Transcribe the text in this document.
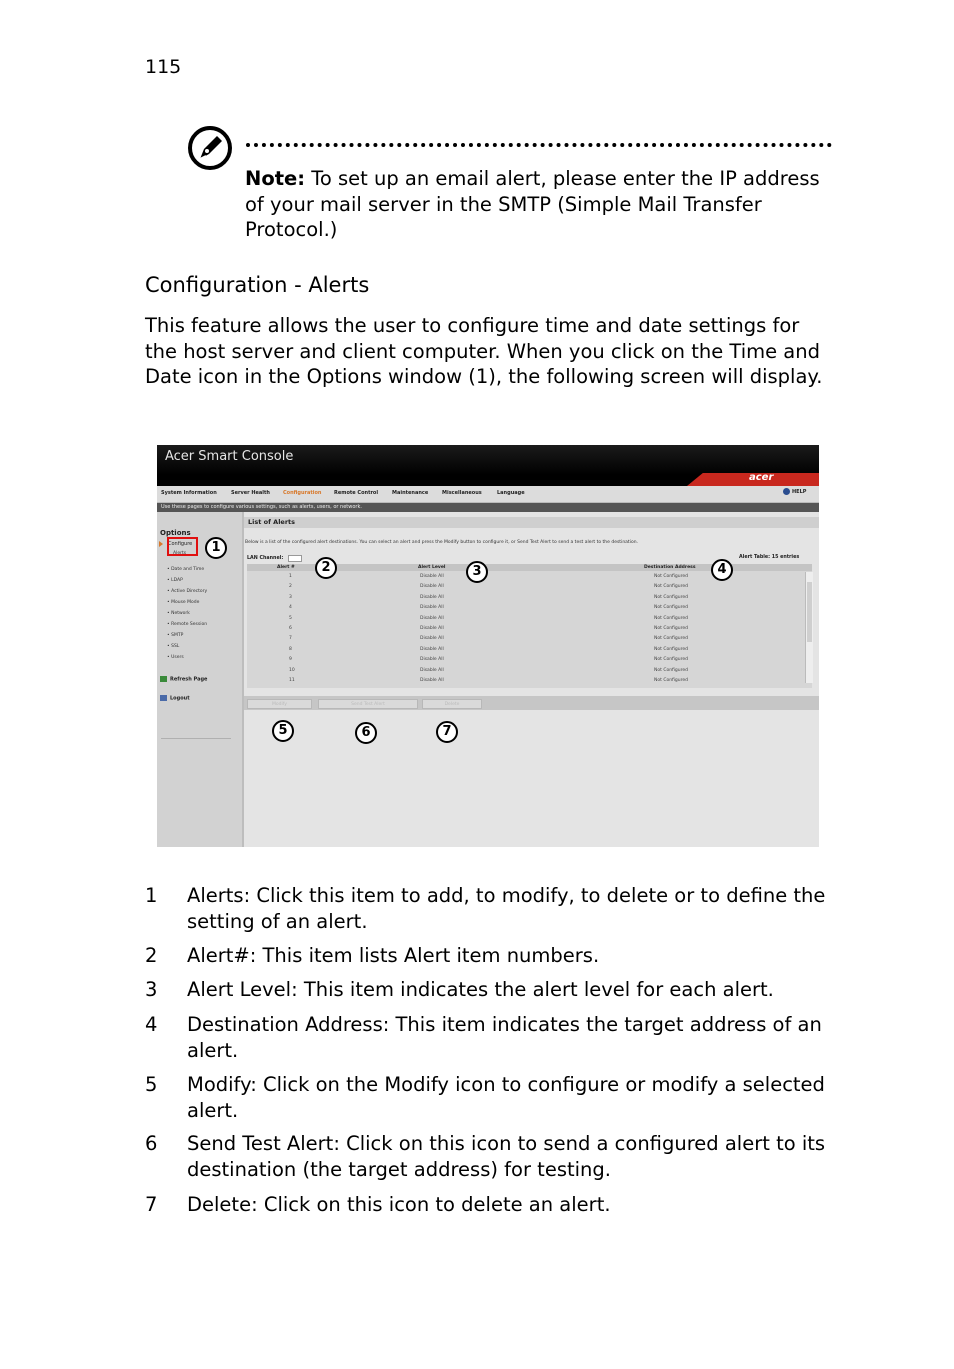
115
Note: To set up an email alert, please enter the IP address of your mail server in the SMTP (Simple Mail Transfer Protocol.)
Configuration - Alerts
This feature allows the user to configure time and date settings for the host server and client computer. When you click on the Time and Date icon in the Options window (1), the following screen will display.
Acer Smart Console
acer
System Information	Server Health	Configuration	Remote Control	Maintenance	Miscellaneous	Language	HELP
Use these pages to configure various settings, such as alerts, users, or network.
Options
Configure
Alerts
• Date and Time
• LDAP
• Active Directory
• Mouse Mode
• Network
• Remote Session
• SMTP
• SSL
• Users
Refresh Page
Logout
List of Alerts
Below is a list of the configured alert destinations. You can select an alert and press the Modify button to configure it, or Send Test Alert to send a test alert to the destination.
LAN Channel:	Alert Table: 15 entries
Alert #	Alert Level	Destination Address
1	Disable All	Not Configured
2	Disable All	Not Configured
3	Disable All	Not Configured
4	Disable All	Not Configured
5	Disable All	Not Configured
6	Disable All	Not Configured
7	Disable All	Not Configured
8	Disable All	Not Configured
9	Disable All	Not Configured
10	Disable All	Not Configured
11	Disable All	Not Configured
Modify	Send Test Alert	Delete
1
2	3	4
5	6	7
1 Alerts: Click this item to add, to modify, to delete or to define the setting of an alert.
2 Alert#: This item lists Alert item numbers.
3 Alert Level: This item indicates the alert level for each alert.
4 Destination Address: This item indicates the target address of an alert.
5 Modify: Click on the Modify icon to configure or modify a selected alert.
6 Send Test Alert: Click on this icon to send a configured alert to its destination (the target address) for testing.
7 Delete: Click on this icon to delete an alert.
